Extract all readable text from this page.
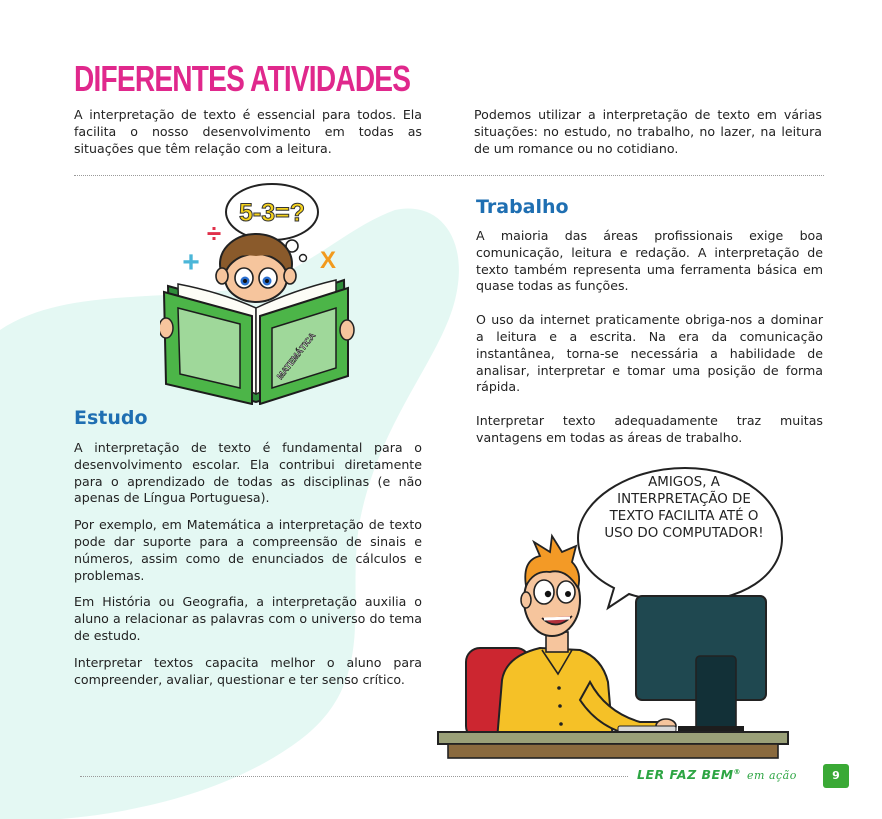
DIFERENTES ATIVIDADES

A interpretação de texto é essencial para todos. Ela facilita o nosso desenvolvimento em todas as situações que têm relação com a leitura.

Podemos utilizar a interpretação de texto em várias situações: no estudo, no trabalho, no lazer, na leitura de um romance ou no cotidiano.

5-3=?
÷
+	X
MATEMÁTICA

Estudo

A interpretação de texto é fundamental para o desenvolvimento escolar. Ela contribui diretamente para o aprendizado de todas as disciplinas (e não apenas de Língua Portuguesa).

Por exemplo, em Matemática a interpretação de texto pode dar suporte para a compreensão de sinais e números, assim como de enunciados de cálculos e problemas.

Em História ou Geografia, a interpretação auxilia o aluno a relacionar as palavras com o universo do tema de estudo.

Interpretar textos capacita melhor o aluno para compreender, avaliar, questionar e ter senso crítico.

Trabalho

A maioria das áreas profissionais exige boa comunicação, leitura e redação. A interpretação de texto também representa uma ferramenta básica em quase todas as funções.

O uso da internet praticamente obriga-nos a dominar a leitura e a escrita. Na era da comunicação instantânea, torna-se necessária a habilidade de analisar, interpretar e tomar uma posição de forma rápida.

Interpretar texto adequadamente traz muitas vantagens em todas as áreas de trabalho.

AMIGOS, A INTERPRETAÇÃO DE TEXTO FACILITA ATÉ O USO DO COMPUTADOR!
LER FAZ BEM® em ação	9
